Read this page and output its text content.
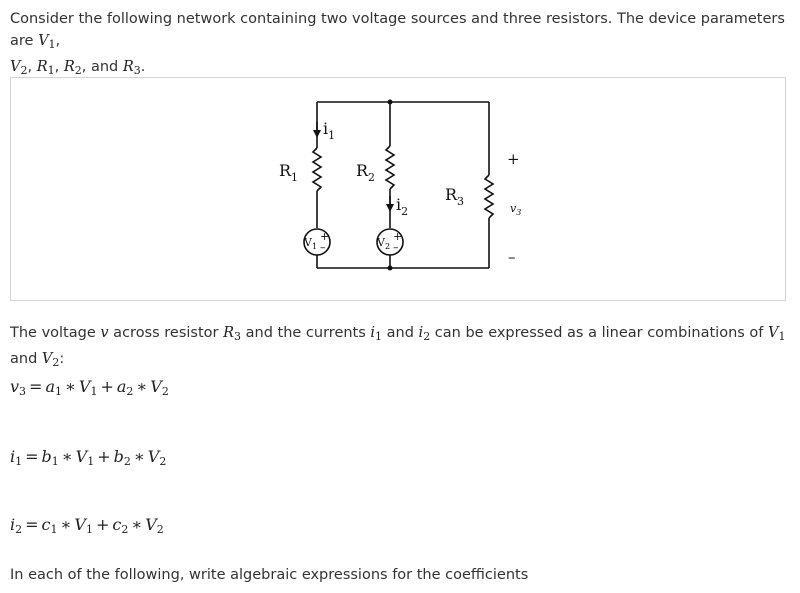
Consider the following network containing two voltage sources and three resistors. The device parameters are $V_1$,
$V_2$, $R_1$, $R_2$, and $R_3$.
$R_1$	$R_2$
$R_3$
$i_1$
$i_2$
$V_1$
+
–	$V_2$
+
–
+
$v_3$
–
The voltage v across resistor $R_3$ and the currents $i_1$ and $i_2$ can be expressed as a linear combinations of $V_1$ and $V_2$:
$v_3 = a_1$ ∗ $V_1 + a_2$ ∗ $V_2$
$i_1 = b_1$ ∗ $V_1 + b_2$ ∗ $V_2$
$i_2 = c_1$ ∗ $V_1 + c_2$ ∗ $V_2$
In each of the following, write algebraic expressions for the coefficients
